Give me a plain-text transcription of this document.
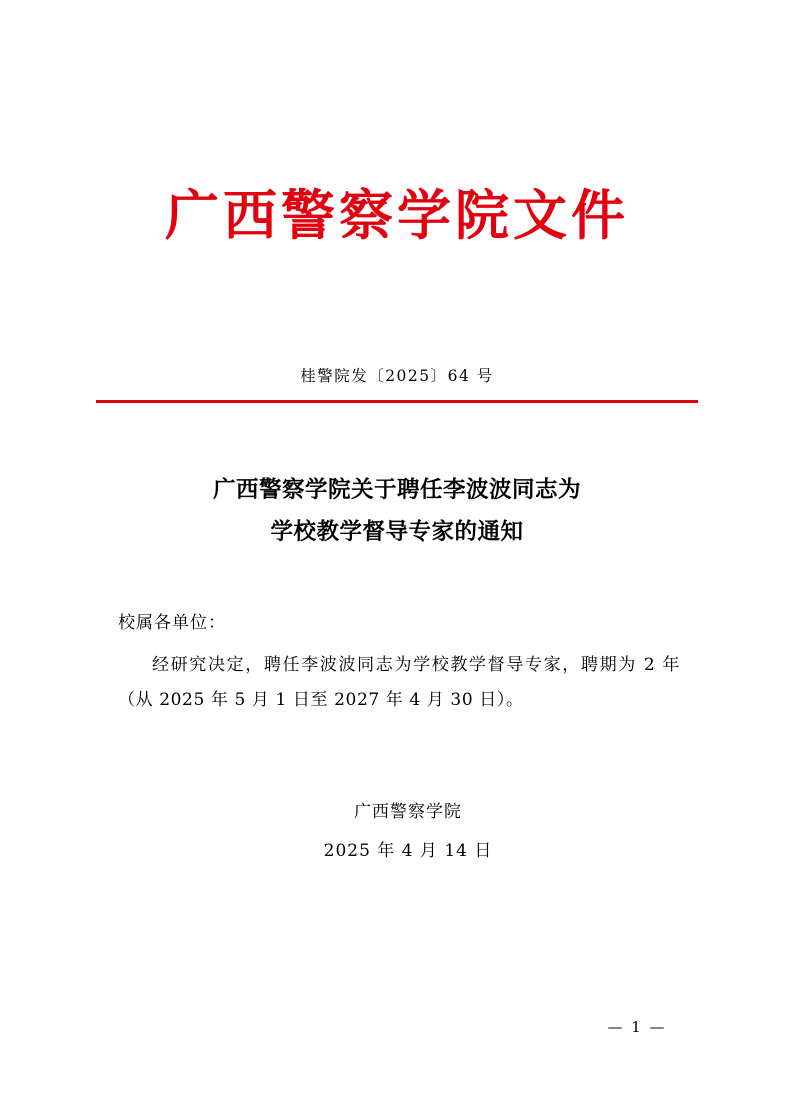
广西警察学院文件
桂警院发〔2025〕64 号
广西警察学院关于聘任李波波同志为
学校教学督导专家的通知
校属各单位：
经研究决定，聘任李波波同志为学校教学督导专家，聘期为 2 年（从 2025 年 5 月 1 日至 2027 年 4 月 30 日）。
广西警察学院
2025 年 4 月 14 日
— 1 —
